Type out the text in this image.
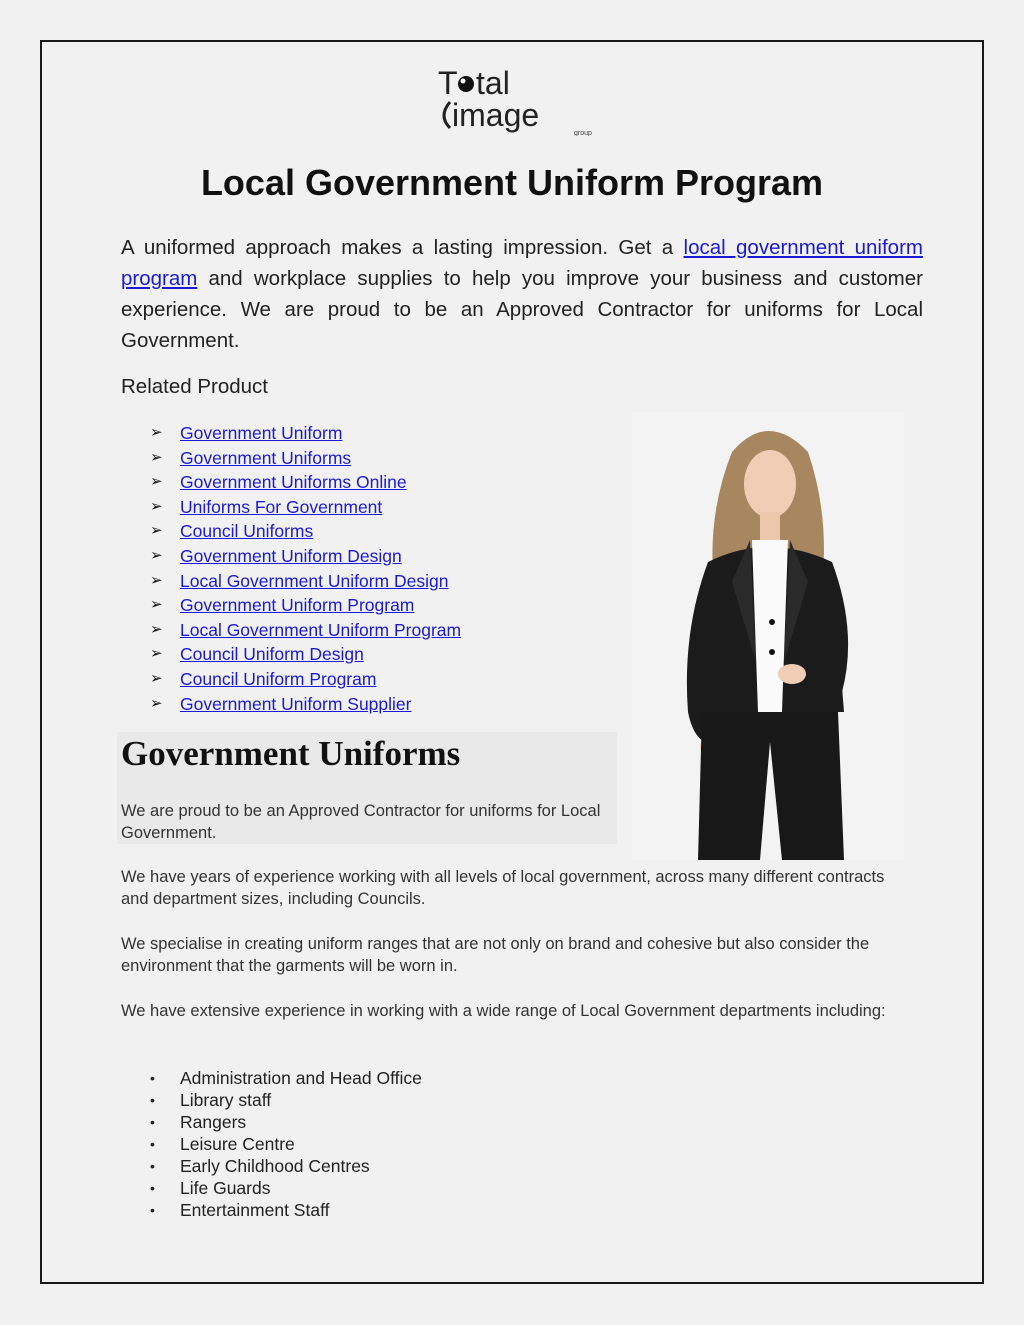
T tal
image
group
Local Government Uniform Program

A uniformed approach makes a lasting impression. Get a local government uniform program and workplace supplies to help you improve your business and customer experience. We are proud to be an Approved Contractor for uniforms for Local Government.

Related Product
➢ Government Uniform
➢ Government Uniforms
➢ Government Uniforms Online
➢ Uniforms For Government
➢ Council Uniforms
➢ Government Uniform Design
➢ Local Government Uniform Design
➢ Government Uniform Program
➢ Local Government Uniform Program
➢ Council Uniform Design
➢ Council Uniform Program
➢ Government Uniform Supplier
Government Uniforms

We are proud to be an Approved Contractor for uniforms for Local Government.

We have years of experience working with all levels of local government, across many different contracts and department sizes, including Councils.

We specialise in creating uniform ranges that are not only on brand and cohesive but also consider the environment that the garments will be worn in.

We have extensive experience in working with a wide range of Local Government departments including:

•	Administration and Head Office
•	Library staff
•	Rangers
•	Leisure Centre
•	Early Childhood Centres
•	Life Guards
•	Entertainment Staff
